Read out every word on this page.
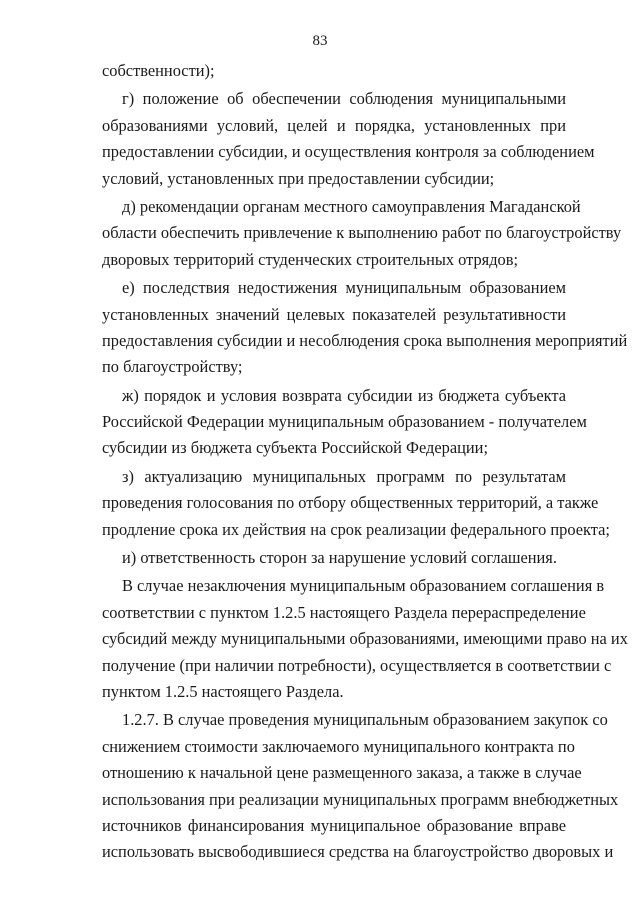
83
собственности);
г) положение об обеспечении соблюдения муниципальными
образованиями условий, целей и порядка, установленных при
предоставлении субсидии, и осуществления контроля за соблюдением
условий, установленных при предоставлении субсидии;
д) рекомендации органам местного самоуправления Магаданской
области обеспечить привлечение к выполнению работ по благоустройству
дворовых территорий студенческих строительных отрядов;
е) последствия недостижения муниципальным образованием
установленных значений целевых показателей результативности
предоставления субсидии и несоблюдения срока выполнения мероприятий
по благоустройству;
ж) порядок и условия возврата субсидии из бюджета субъекта
Российской Федерации муниципальным образованием - получателем
субсидии из бюджета субъекта Российской Федерации;
з) актуализацию муниципальных программ по результатам
проведения голосования по отбору общественных территорий, а также
продление срока их действия на срок реализации федерального проекта;
и) ответственность сторон за нарушение условий соглашения.
В случае незаключения муниципальным образованием соглашения в
соответствии с пунктом 1.2.5 настоящего Раздела перераспределение
субсидий между муниципальными образованиями, имеющими право на их
получение (при наличии потребности), осуществляется в соответствии с
пунктом 1.2.5 настоящего Раздела.
1.2.7. В случае проведения муниципальным образованием закупок со
снижением стоимости заключаемого муниципального контракта по
отношению к начальной цене размещенного заказа, а также в случае
использования при реализации муниципальных программ внебюджетных
источников финансирования муниципальное образование вправе
использовать высвободившиеся средства на благоустройство дворовых и
